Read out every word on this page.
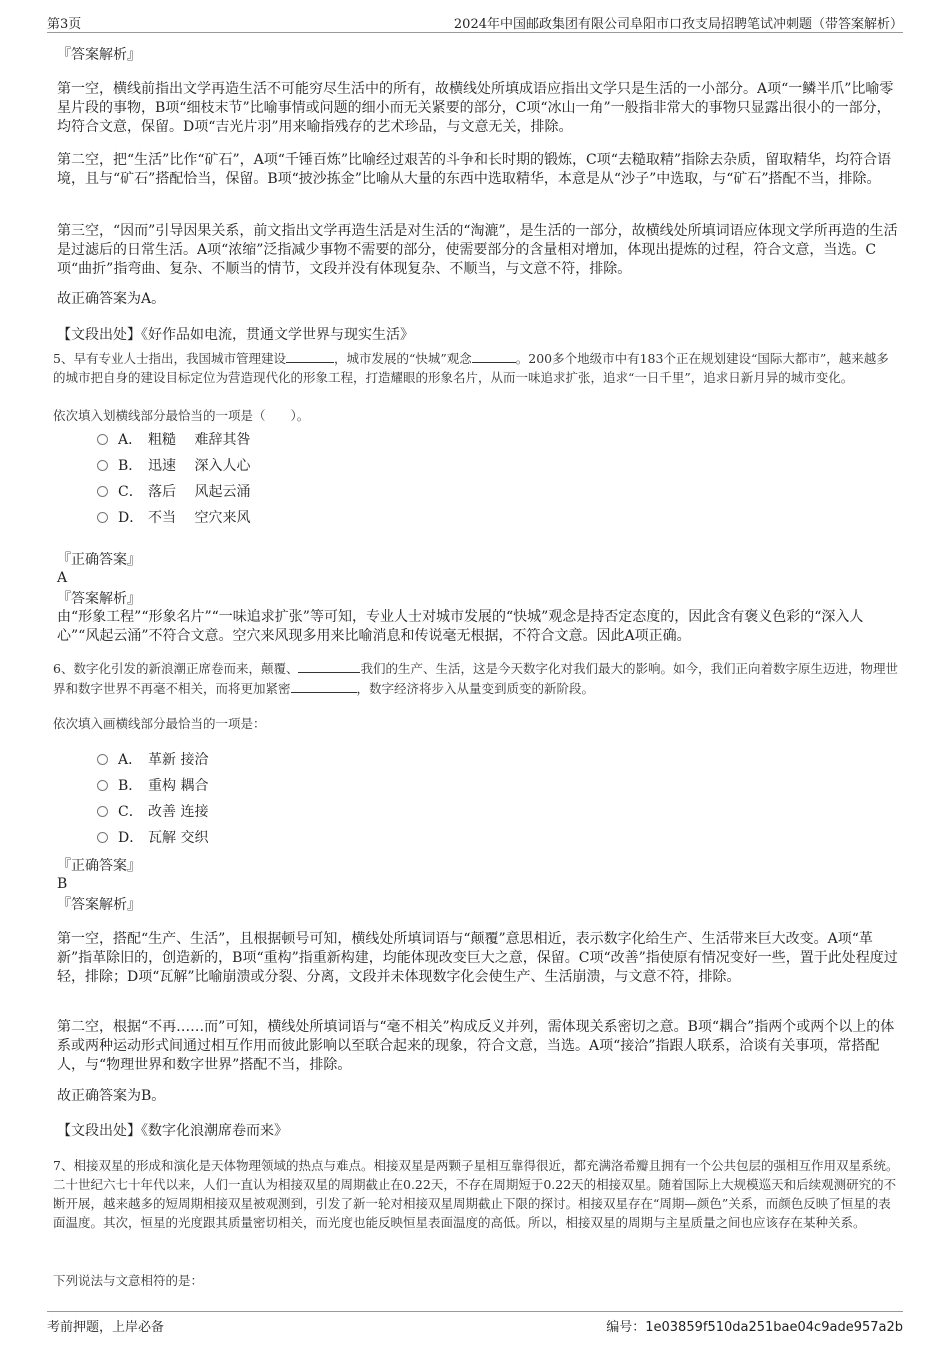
第3页	2024年中国邮政集团有限公司阜阳市口孜支局招聘笔试冲刺题（带答案解析）
『答案解析』

第一空，横线前指出文学再造生活不可能穷尽生活中的所有，故横线处所填成语应指出文学只是生活的一小部分。A项“一鳞半爪”比喻零星片段的事物，B项“细枝末节”比喻事情或问题的细小而无关紧要的部分，C项“冰山一角”一般指非常大的事物只显露出很小的一部分，均符合文意，保留。D项“吉光片羽”用来喻指残存的艺术珍品，与文意无关，排除。

第二空，把“生活”比作“矿石”，A项“千锤百炼”比喻经过艰苦的斗争和长时期的锻炼，C项“去糙取精”指除去杂质，留取精华，均符合语境，且与“矿石”搭配恰当，保留。B项“披沙拣金”比喻从大量的东西中选取精华，本意是从“沙子”中选取，与“矿石”搭配不当，排除。

第三空，“因而”引导因果关系，前文指出文学再造生活是对生活的“淘漉”，是生活的一部分，故横线处所填词语应体现文学所再造的生活是过滤后的日常生活。A项“浓缩”泛指减少事物不需要的部分，使需要部分的含量相对增加，体现出提炼的过程，符合文意，当选。C项“曲折”指弯曲、复杂、不顺当的情节，文段并没有体现复杂、不顺当，与文意不符，排除。

故正确答案为A。

【文段出处】《好作品如电流，贯通文学世界与现实生活》

5、早有专业人士指出，我国城市管理建设	，城市发展的“快城”观念	。200多个地级市中有183个正在规划建设“国际大都市”，越来越多的城市把自身的建设目标定位为营造现代化的形象工程，打造耀眼的形象名片，从而一味追求扩张，追求“一日千里”，追求日新月异的城市变化。

依次填入划横线部分最恰当的一项是（　　）。

A． 粗糙　 难辞其咎
B． 迅速　 深入人心
C． 落后　 风起云涌
D． 不当　 空穴来风
『正确答案』
A
『答案解析』

由“形象工程”“形象名片”“一味追求扩张”等可知，专业人士对城市发展的“快城”观念是持否定态度的，因此含有褒义色彩的“深入人心”“风起云涌”不符合文意。空穴来风现多用来比喻消息和传说毫无根据，不符合文意。因此A项正确。

6、数字化引发的新浪潮正席卷而来，颠覆、	我们的生产、生活，这是今天数字化对我们最大的影响。如今，我们正向着数字原生迈进，物理世界和数字世界不再毫不相关，而将更加紧密	，数字经济将步入从量变到质变的新阶段。

依次填入画横线部分最恰当的一项是：

A． 革新 接洽
B． 重构 耦合
C． 改善 连接
D． 瓦解 交织
『正确答案』
B
『答案解析』

第一空，搭配“生产、生活”，且根据顿号可知，横线处所填词语与“颠覆”意思相近，表示数字化给生产、生活带来巨大改变。A项“革新”指革除旧的，创造新的，B项“重构”指重新构建，均能体现改变巨大之意，保留。C项“改善”指使原有情况变好一些，置于此处程度过轻，排除；D项“瓦解”比喻崩溃或分裂、分离，文段并未体现数字化会使生产、生活崩溃，与文意不符，排除。

第二空，根据“不再……而”可知，横线处所填词语与“毫不相关”构成反义并列，需体现关系密切之意。B项“耦合”指两个或两个以上的体系或两种运动形式间通过相互作用而彼此影响以至联合起来的现象，符合文意，当选。A项“接洽”指跟人联系，洽谈有关事项，常搭配人，与“物理世界和数字世界”搭配不当，排除。

故正确答案为B。

【文段出处】《数字化浪潮席卷而来》

7、相接双星的形成和演化是天体物理领域的热点与难点。相接双星是两颗子星相互靠得很近，都充满洛希瓣且拥有一个公共包层的强相互作用双星系统。二十世纪六七十年代以来，人们一直认为相接双星的周期截止在0.22天，不存在周期短于0.22天的相接双星。随着国际上大规模巡天和后续观测研究的不断开展，越来越多的短周期相接双星被观测到，引发了新一轮对相接双星周期截止下限的探讨。相接双星存在“周期—颜色”关系，而颜色反映了恒星的表面温度。其次，恒星的光度跟其质量密切相关，而光度也能反映恒星表面温度的高低。所以，相接双星的周期与主星质量之间也应该存在某种关系。

下列说法与文意相符的是：

考前押题，上岸必备	编号：1e03859f510da251bae04c9ade957a2b
